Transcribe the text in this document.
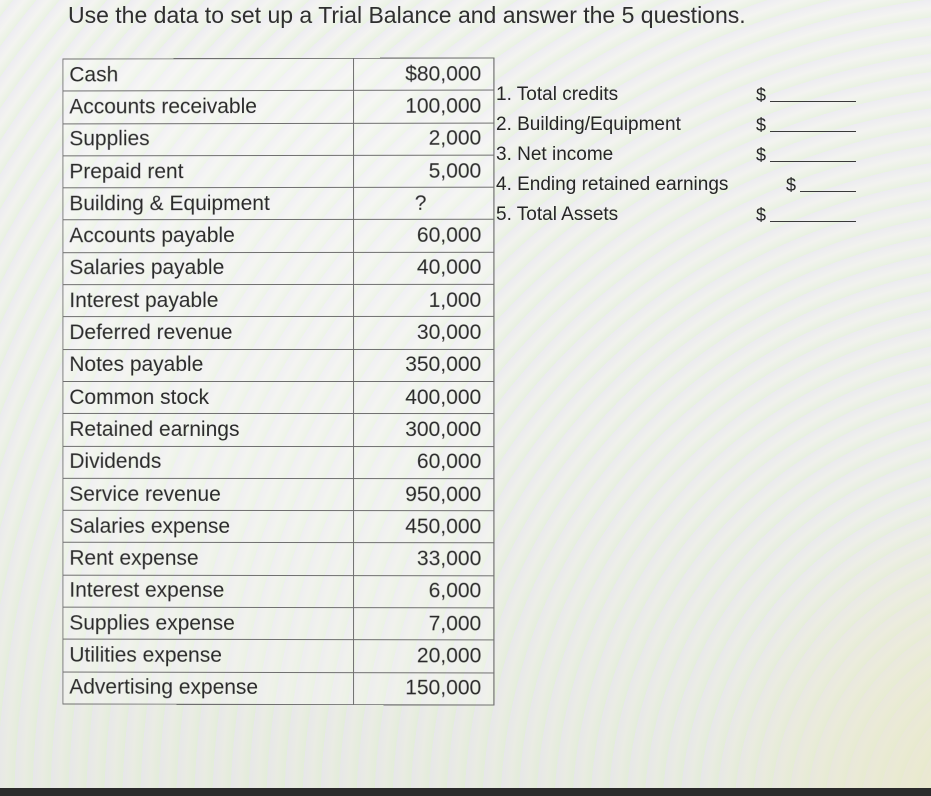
Use the data to set up a Trial Balance and answer the 5 questions.
Cash	$80,000
Accounts receivable	100,000
Supplies	2,000
Prepaid rent	5,000
Building & Equipment	?
Accounts payable	60,000
Salaries payable	40,000
Interest payable	1,000
Deferred revenue	30,000
Notes payable	350,000
Common stock	400,000
Retained earnings	300,000
Dividends	60,000
Service revenue	950,000
Salaries expense	450,000
Rent expense	33,000
Interest expense	6,000
Supplies expense	7,000
Utilities expense	20,000
Advertising expense	150,000
1. Total credits	$
2. Building/Equipment	$
3. Net income	$
4. Ending retained earnings	$
5. Total Assets	$
